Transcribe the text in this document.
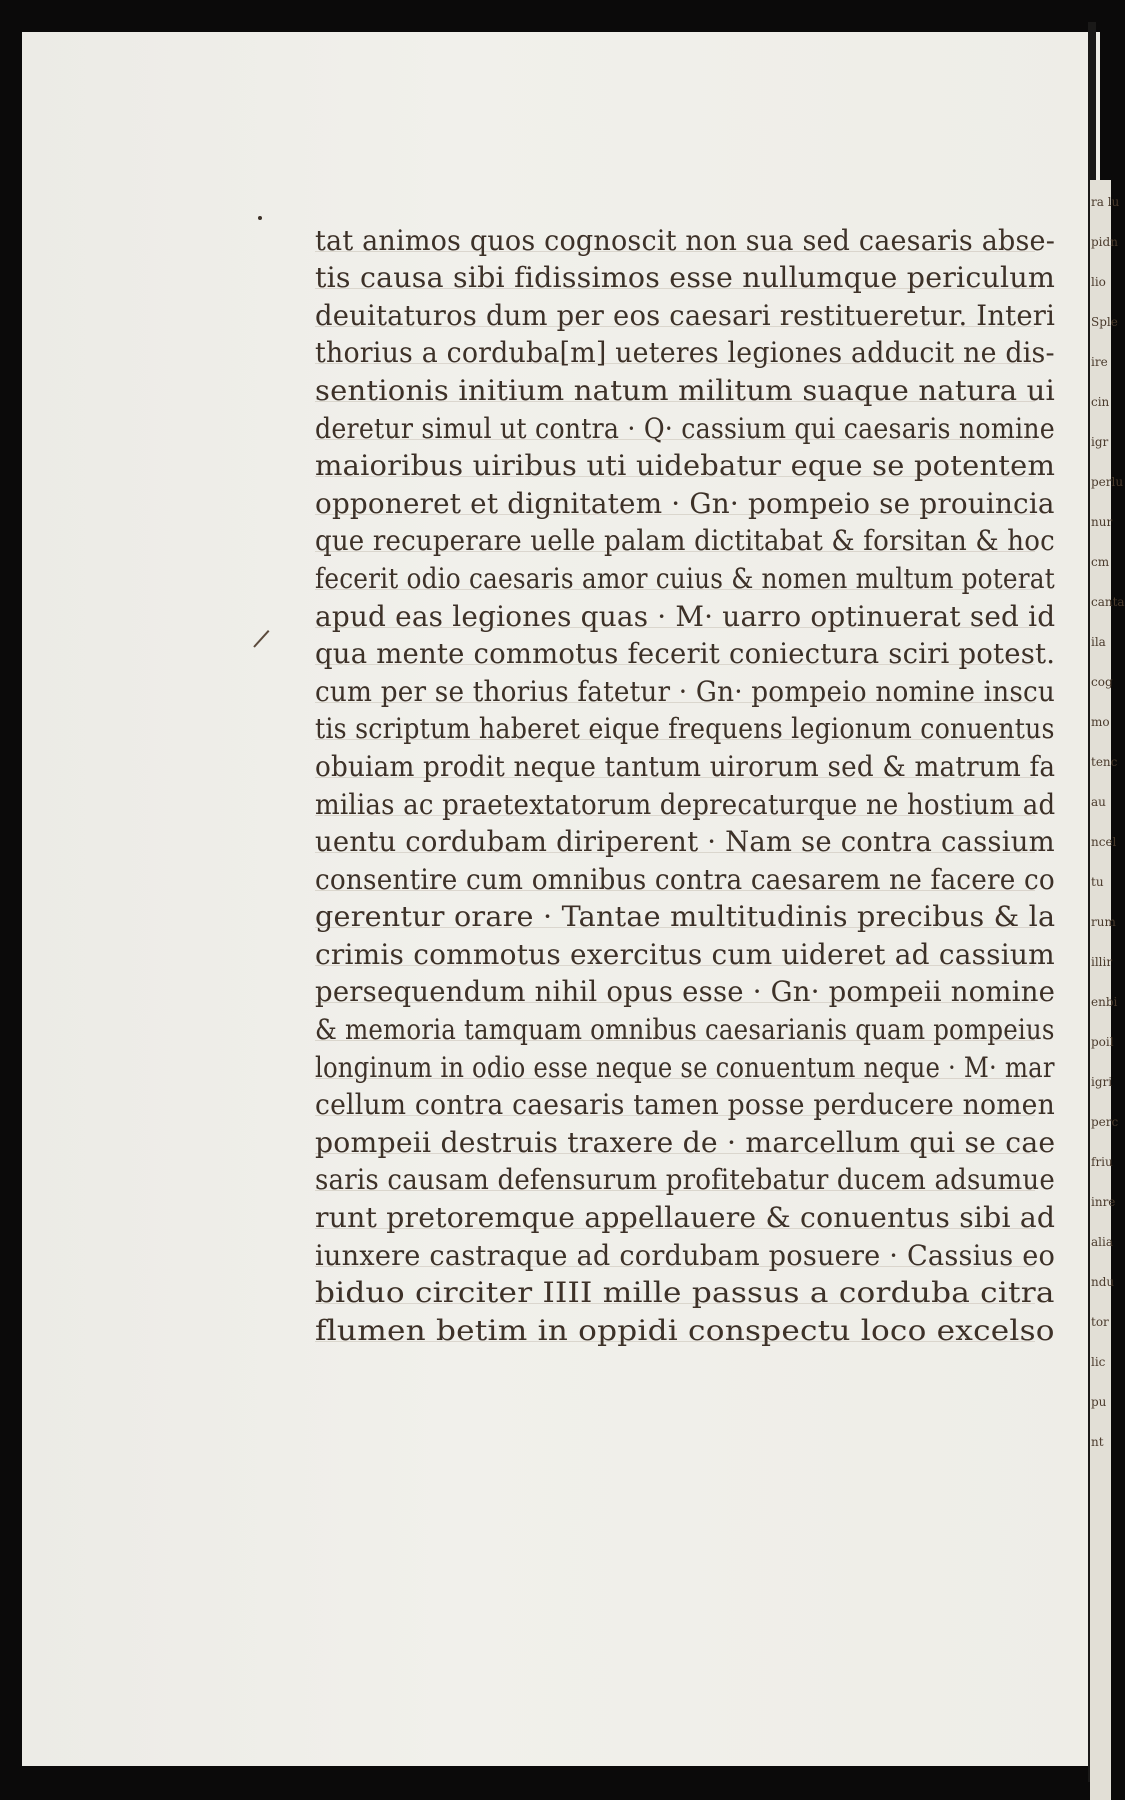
ra lu
pidn
lio
Sple
ire
cin
igr
perlu
nur
cm
canta
ila
cog
mo
tenc
au
ncel
tu
rum
illir
enbi
poil
igri
perc
friu
inre
alia
ndu
tor
lic
pu
nt
tat animos quos cognoscit non sua sed caesaris abse-
tis causa sibi fidissimos esse nullumque periculum
deuitaturos dum per eos caesari restitueretur. Interi
thorius a corduba[m] ueteres legiones adducit ne dis-
sentionis initium natum militum suaque natura ui
deretur simul ut contra · Q· cassium qui caesaris nomine
maioribus uiribus uti uidebatur eque se potentem
opponeret et dignitatem · Gn· pompeio se prouincia
que recuperare uelle palam dictitabat & forsitan & hoc
fecerit odio caesaris amor cuius & nomen multum poterat
apud eas legiones quas · M· uarro optinuerat sed id
qua mente commotus fecerit coniectura sciri potest.
cum per se thorius fatetur · Gn· pompeio nomine inscu
tis scriptum haberet eique frequens legionum conuentus
obuiam prodit neque tantum uirorum sed & matrum fa
milias ac praetextatorum deprecaturque ne hostium ad
uentu cordubam diriperent · Nam se contra cassium
consentire cum omnibus contra caesarem ne facere co
gerentur orare · Tantae multitudinis precibus & la
crimis commotus exercitus cum uideret ad cassium
persequendum nihil opus esse · Gn· pompeii nomine
& memoria tamquam omnibus caesarianis quam pompeius
longinum in odio esse neque se conuentum neque · M· mar
cellum contra caesaris tamen posse perducere nomen
pompeii destruis traxere de · marcellum qui se cae
saris causam defensurum profitebatur ducem adsumue
runt pretoremque appellauere & conuentus sibi ad
iunxere castraque ad cordubam posuere · Cassius eo
biduo circiter IIII mille passus a corduba citra
flumen betim in oppidi conspectu loco excelso
